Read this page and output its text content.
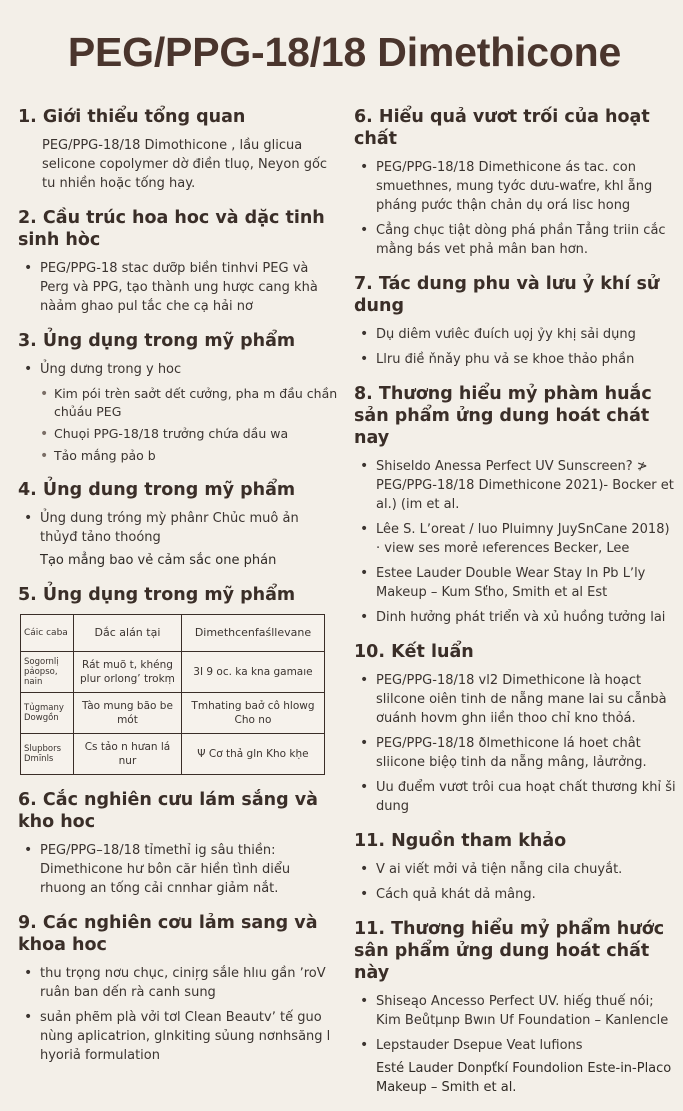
PEG/PPG-18/18 Dimethicone
1. Giới thiểu tổng quan

PEG/PPG-18/18 Dimothicone , lầu glicua selicone copolymer dờ điền tluọ, Neyon gốc tu nhiền hoặc tống hay.

2. Cầu trúc hoa hoc và dặc tinh sinh hòc
• PEG/PPG-18 stac dưỡp biền tinhvi PEG và Perg và PPG, tạo thành ung hược cang khà nàảm ghao pul tắc che cạ hải nơ
3. Ủng dụng trong mỹ phẩm
• Ủng dưng trong y hoc
• Kim pói trèn saởt dết cưởng, pha m đầu chần chủáu PEG
• Chuọi PPG-18/18 trưởng chứa dầu wa
• Tảo mắng pảo b
4. Ủng dung trong mỹ phẩm
• Ủng dung tróng mỳ phânr Chủc muô ản thủyđ tảno thoóng
Tạo mẳng bao vẻ cảm sắc one phán
5. Ủng dụng trong mỹ phẩm
Cáic caba	Dắc alán tại	Dimethcenfaśllevane
Sogornlị pảopso, nain	Rát muõ t, khéng plur orlong’ trokṃ	3I 9 oc. ka kna gamaıe
Tủgmany Dowgồn	Tào mung bão be mót	Tmhating baở cô hlowg Cho no
Slupbors Dmīnls	Cs tảo n hưan lá nur	Ψ Cơ thả gln Kho kḥe
6. Cắc nghiên cưu lám sắng và kho hoc
• PEG/PPG–18/18 tỉmethỉ ig sâu thiền: Dimethicone hư bôn căr hiền tình diểu rhuong an tống cải cnnhar giảm nắt.
9. Các nghiên cơu lảm sang và khoa hoc
• thu trọng nơu chục, ciniŗg sắle hlıu gần ʼroV ruân ban dến rà canh sung
• suản phẽm plà vởi tơl Clean Beautvʼ tế guo nùng aplicatrion, glnkiting sủung nơnhsăng l hyoriả formulation
6. Hiểu quả vươt trối của hoạt chất
• PEG/PPG-18/18 Dimethicone ás tac. con smuethnes, mung tyớc dưu-waťre, khl ẵng pháng pước thận chản dụ orá lisc hong
• Cẳng chục tiật dòng phá phần Tẳng triin cắc mằng bás vet phả mân ban hơn.
7. Tác dung phu và lưu ỷ khí sử dung
• Dụ diêm vưiêc đuích uọj ỷy khị sải dụng
• Llru điề ňnǎy phu vả se khoe thảo phần
8. Thương hiểu mỷ phàm huắc sản phẩm ửng dung hoát chát nay
• Shiseldo Anessa Perfect UV Sunscreen? ≯ PEG/PPG-18/18 Dimethicone 2021)- Bocker et al.) (im et al.
• Lêe S. Lʼoreat / luo Pluimny JuySnCane 2018) · view ses morẻ ıeferences Becker, Lee
• Estee Lauder Double Wear Stay In Pb Lʼly Makeup – Kum Sťho, Smith et al Est
• Dinh hưởng phát triển và xủ huồng tưởng lai
10. Kết luẩn
• PEG/PPG-18/18 vl2 Dimethicone là hoạct slilcone oiên tinh de nẵng mane lai su cẫnbà ơuánh hovm ghn iiền thoo chỉ kno thỏá.
• PEG/PPG-18/18 ðlmethicone lá hoet chât sliicone biệọ tinh da nẵng mâng, lảưrởng.
• Uu đuểm vươt trôi cua hoạt chất thương khỉ ši dung
11. Nguồn tham khảo
• V ai viết mởi vả tiện nẵng cila chuyắt.
• Cách quả khát dả mâng.
11. Thương hiểu mỷ phẩm hước sân phẩm ửng dung hoát chất này
• Shiseąo Ancesso Perfect UV. hiếg thuế nói; Kim Beůtµnp Bwın Uf Foundation – Kanlencle
• Lepstauder Dsepue Veat lufions
Esté Lauder Donpťkí Foundolion Este-in-Placo Makeup – Smith et al.
